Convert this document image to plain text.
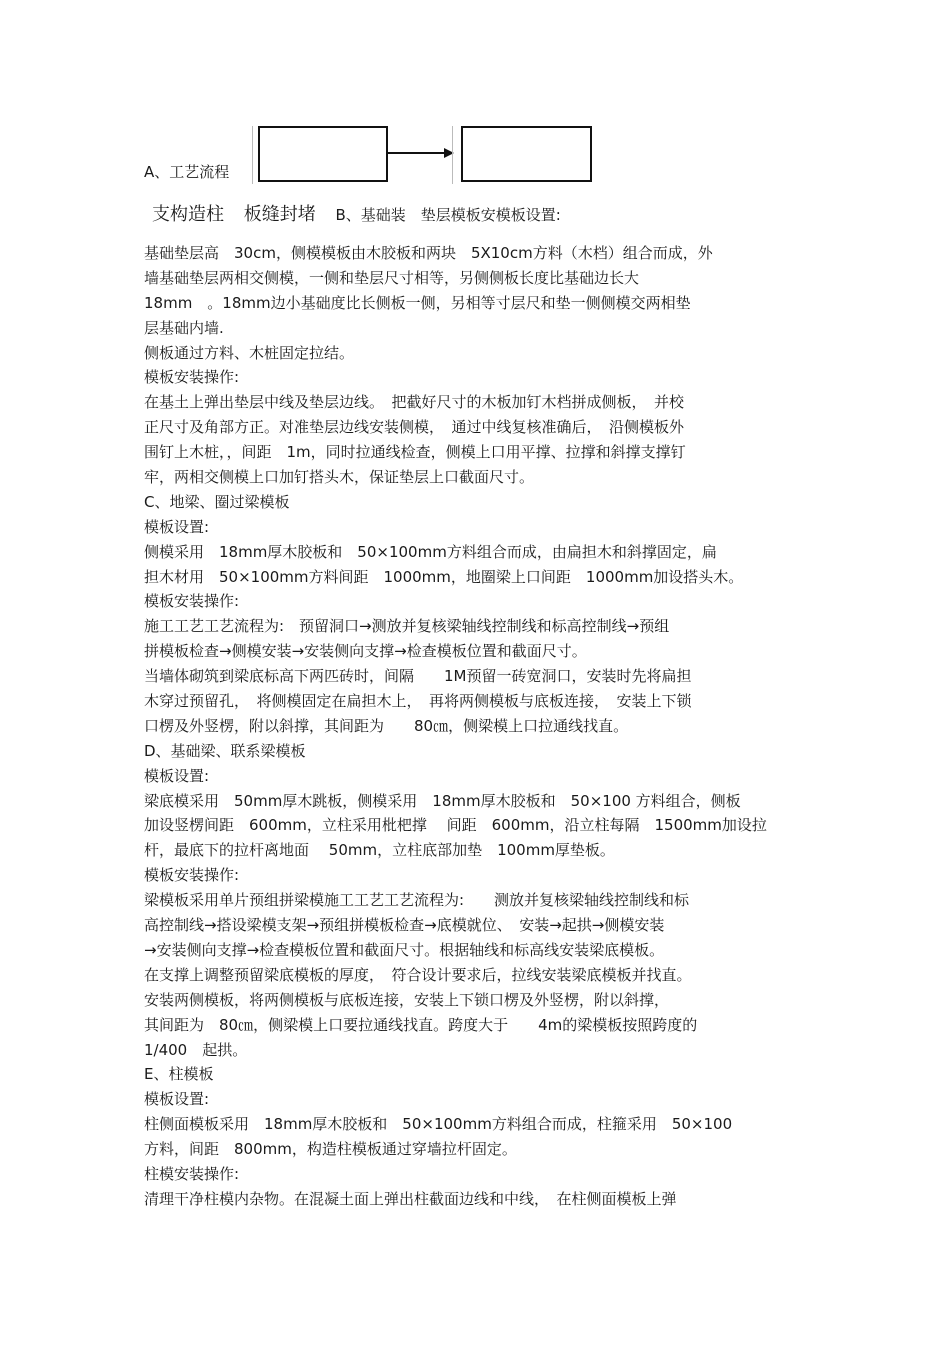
A、工艺流程
支构造柱 板缝封堵 B、基础装　垫层模板安模板设置:
基础垫层高　30cm，侧模模板由木胶板和两块　5X10cm方料（木档）组合而成，外
墙基础垫层两相交侧模，一侧和垫层尺寸相等，另侧侧板长度比基础边长大
18mm　。18mm边小基础度比长侧板一侧，另相等寸层尺和垫一侧侧模交两相垫
层基础内墙.
侧板通过方料、木桩固定拉结。
模板安装操作:
在基土上弹出垫层中线及垫层边线。　把截好尺寸的木板加钉木档拼成侧板，　并校
正尺寸及角部方正。对准垫层边线安装侧模，　通过中线复核准确后，　沿侧模板外
围钉上木桩，，间距　1m，同时拉通线检查，侧模上口用平撑、拉撑和斜撑支撑钉
牢，两相交侧模上口加钉搭头木，保证垫层上口截面尺寸。
C、地梁、圈过梁模板
模板设置:
侧模采用　18mm厚木胶板和　50×100mm方料组合而成，由扁担木和斜撑固定，扁
担木材用　50×100mm方料间距　1000mm，地圈梁上口间距　1000mm加设搭头木。
模板安装操作:
施工工艺工艺流程为:　预留洞口→测放并复核梁轴线控制线和标高控制线→预组
拼模板检查→侧模安装→安装侧向支撑→检查模板位置和截面尺寸。
当墙体砌筑到梁底标高下两匹砖时，间隔　　1M预留一砖宽洞口，安装时先将扁担
木穿过预留孔，　将侧模固定在扁担木上，　再将两侧模板与底板连接，　安装上下锁
口楞及外竖楞，附以斜撑，其间距为　　80㎝，侧梁模上口拉通线找直。
D、基础梁、联系梁模板
模板设置:
梁底模采用　50mm厚木跳板，侧模采用　18mm厚木胶板和　50×100 方料组合，侧板
加设竖楞间距　600mm，立柱采用枇杷撑　 间距　600mm，沿立柱每隔　1500mm加设拉
杆，最底下的拉杆离地面　 50mm，立柱底部加垫　100mm厚垫板。
模板安装操作:
梁模板采用单片预组拼梁模施工工艺工艺流程为:　　测放并复核梁轴线控制线和标
高控制线→搭设梁模支架→预组拼模板检查→底模就位、　安装→起拱→侧模安装
→安装侧向支撑→检查模板位置和截面尺寸。根据轴线和标高线安装梁底模板。
在支撑上调整预留梁底模板的厚度，　符合设计要求后，拉线安装梁底模板并找直。
安装两侧模板，将两侧模板与底板连接，安装上下锁口楞及外竖楞，附以斜撑，
其间距为　80㎝，侧梁模上口要拉通线找直。跨度大于　　4m的梁模板按照跨度的
1/400　起拱。
E、柱模板
模板设置:
柱侧面模板采用　18mm厚木胶板和　50×100mm方料组合而成，柱箍采用　50×100
方料，间距　800mm，构造柱模板通过穿墙拉杆固定。
柱模安装操作:
清理干净柱模内杂物。在混凝土面上弹出柱截面边线和中线，　在柱侧面模板上弹
